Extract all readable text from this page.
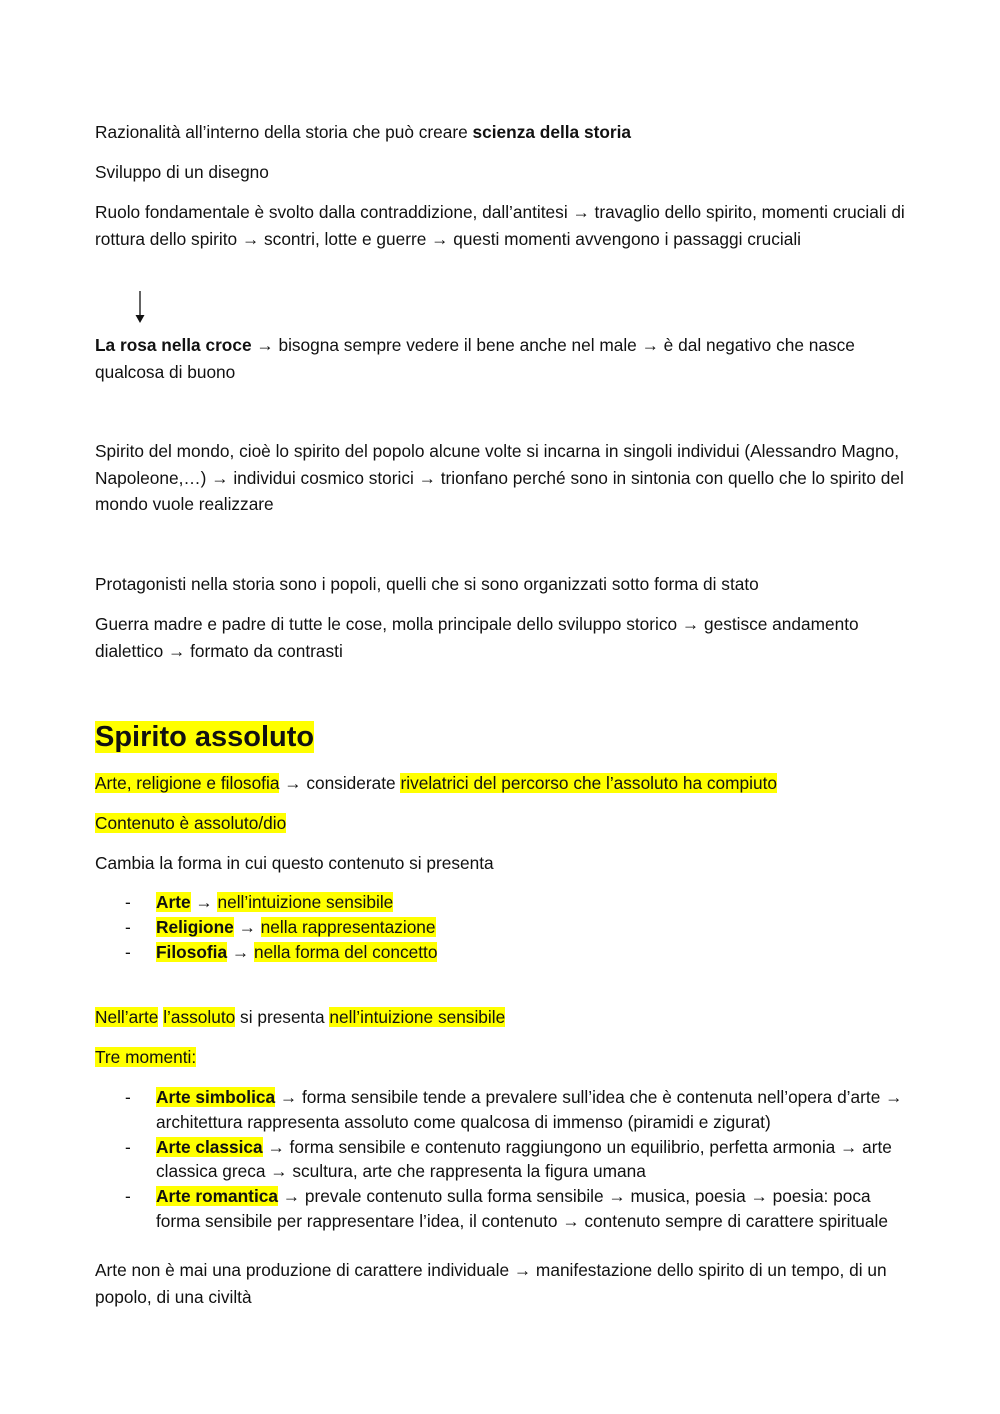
Razionalità all’interno della storia che può creare scienza della storia

Sviluppo di un disegno

Ruolo fondamentale è svolto dalla contraddizione, dall’antitesi → travaglio dello spirito, momenti cruciali di rottura dello spirito → scontri, lotte e guerre → questi momenti avvengono i passaggi cruciali

La rosa nella croce → bisogna sempre vedere il bene anche nel male → è dal negativo che nasce qualcosa di buono

Spirito del mondo, cioè lo spirito del popolo alcune volte si incarna in singoli individui (Alessandro Magno, Napoleone,…) → individui cosmico storici → trionfano perché sono in sintonia con quello che lo spirito del mondo vuole realizzare

Protagonisti nella storia sono i popoli, quelli che si sono organizzati sotto forma di stato

Guerra madre e padre di tutte le cose, molla principale dello sviluppo storico → gestisce andamento dialettico → formato da contrasti

Spirito assoluto

Arte, religione e filosofia → considerate rivelatrici del percorso che l’assoluto ha compiuto

Contenuto è assoluto/dio

Cambia la forma in cui questo contenuto si presenta

- Arte → nell’intuizione sensibile
- Religione → nella rappresentazione
- Filosofia → nella forma del concetto

Nell’arte l’assoluto si presenta nell’intuizione sensibile

Tre momenti:

- Arte simbolica → forma sensibile tende a prevalere sull’idea che è contenuta nell’opera d’arte → architettura rappresenta assoluto come qualcosa di immenso (piramidi e zigurat)
- Arte classica → forma sensibile e contenuto raggiungono un equilibrio, perfetta armonia → arte classica greca → scultura, arte che rappresenta la figura umana
- Arte romantica → prevale contenuto sulla forma sensibile → musica, poesia → poesia: poca forma sensibile per rappresentare l’idea, il contenuto → contenuto sempre di carattere spirituale

Arte non è mai una produzione di carattere individuale → manifestazione dello spirito di un tempo, di un popolo, di una civiltà
